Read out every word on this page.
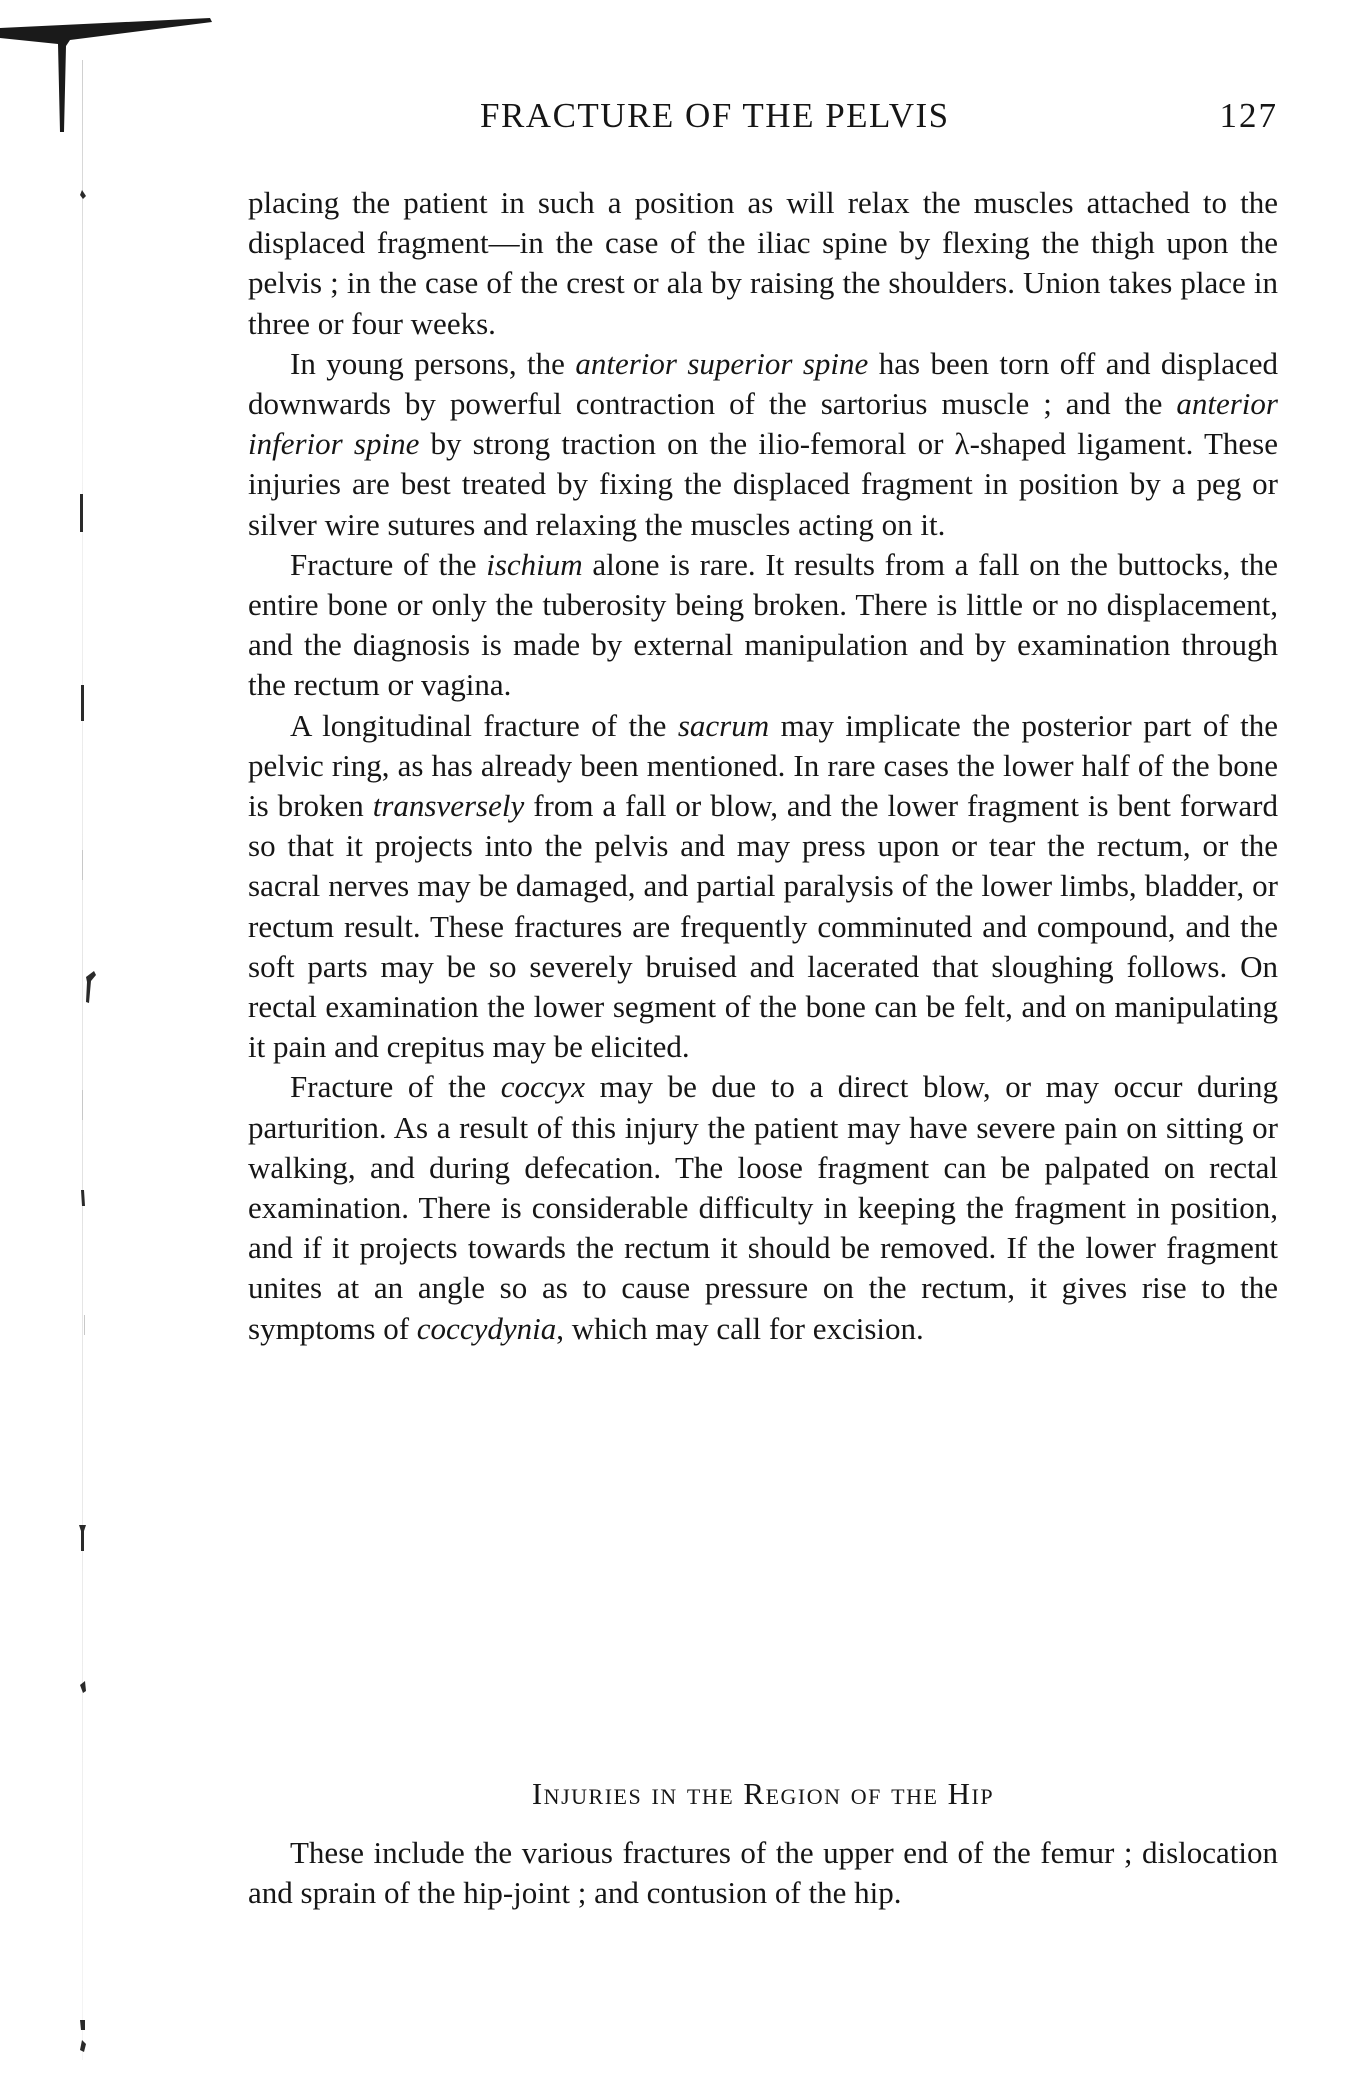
FRACTURE OF THE PELVIS	127

placing the patient in such a position as will relax the muscles attached to the displaced fragment—in the case of the iliac spine by flexing the thigh upon the pelvis ; in the case of the crest or ala by raising the shoulders. Union takes place in three or four weeks.

In young persons, the anterior superior spine has been torn off and displaced downwards by powerful contraction of the sartorius muscle ; and the anterior inferior spine by strong traction on the ilio-femoral or λ-shaped ligament. These injuries are best treated by fixing the displaced fragment in position by a peg or silver wire sutures and relaxing the muscles acting on it.

Fracture of the ischium alone is rare. It results from a fall on the buttocks, the entire bone or only the tuberosity being broken. There is little or no displacement, and the diagnosis is made by external manipulation and by examination through the rectum or vagina.

A longitudinal fracture of the sacrum may implicate the posterior part of the pelvic ring, as has already been mentioned. In rare cases the lower half of the bone is broken transversely from a fall or blow, and the lower fragment is bent forward so that it projects into the pelvis and may press upon or tear the rectum, or the sacral nerves may be damaged, and partial paralysis of the lower limbs, bladder, or rectum result. These fractures are frequently comminuted and compound, and the soft parts may be so severely bruised and lacerated that sloughing follows. On rectal examination the lower segment of the bone can be felt, and on manipulating it pain and crepitus may be elicited.

Fracture of the coccyx may be due to a direct blow, or may occur during parturition. As a result of this injury the patient may have severe pain on sitting or walking, and during defecation. The loose fragment can be palpated on rectal examination. There is considerable difficulty in keeping the fragment in position, and if it projects towards the rectum it should be removed. If the lower fragment unites at an angle so as to cause pressure on the rectum, it gives rise to the symptoms of coccydynia, which may call for excision.

Injuries in the Region of the Hip

These include the various fractures of the upper end of the femur ; dislocation and sprain of the hip-joint ; and contusion of the hip.
